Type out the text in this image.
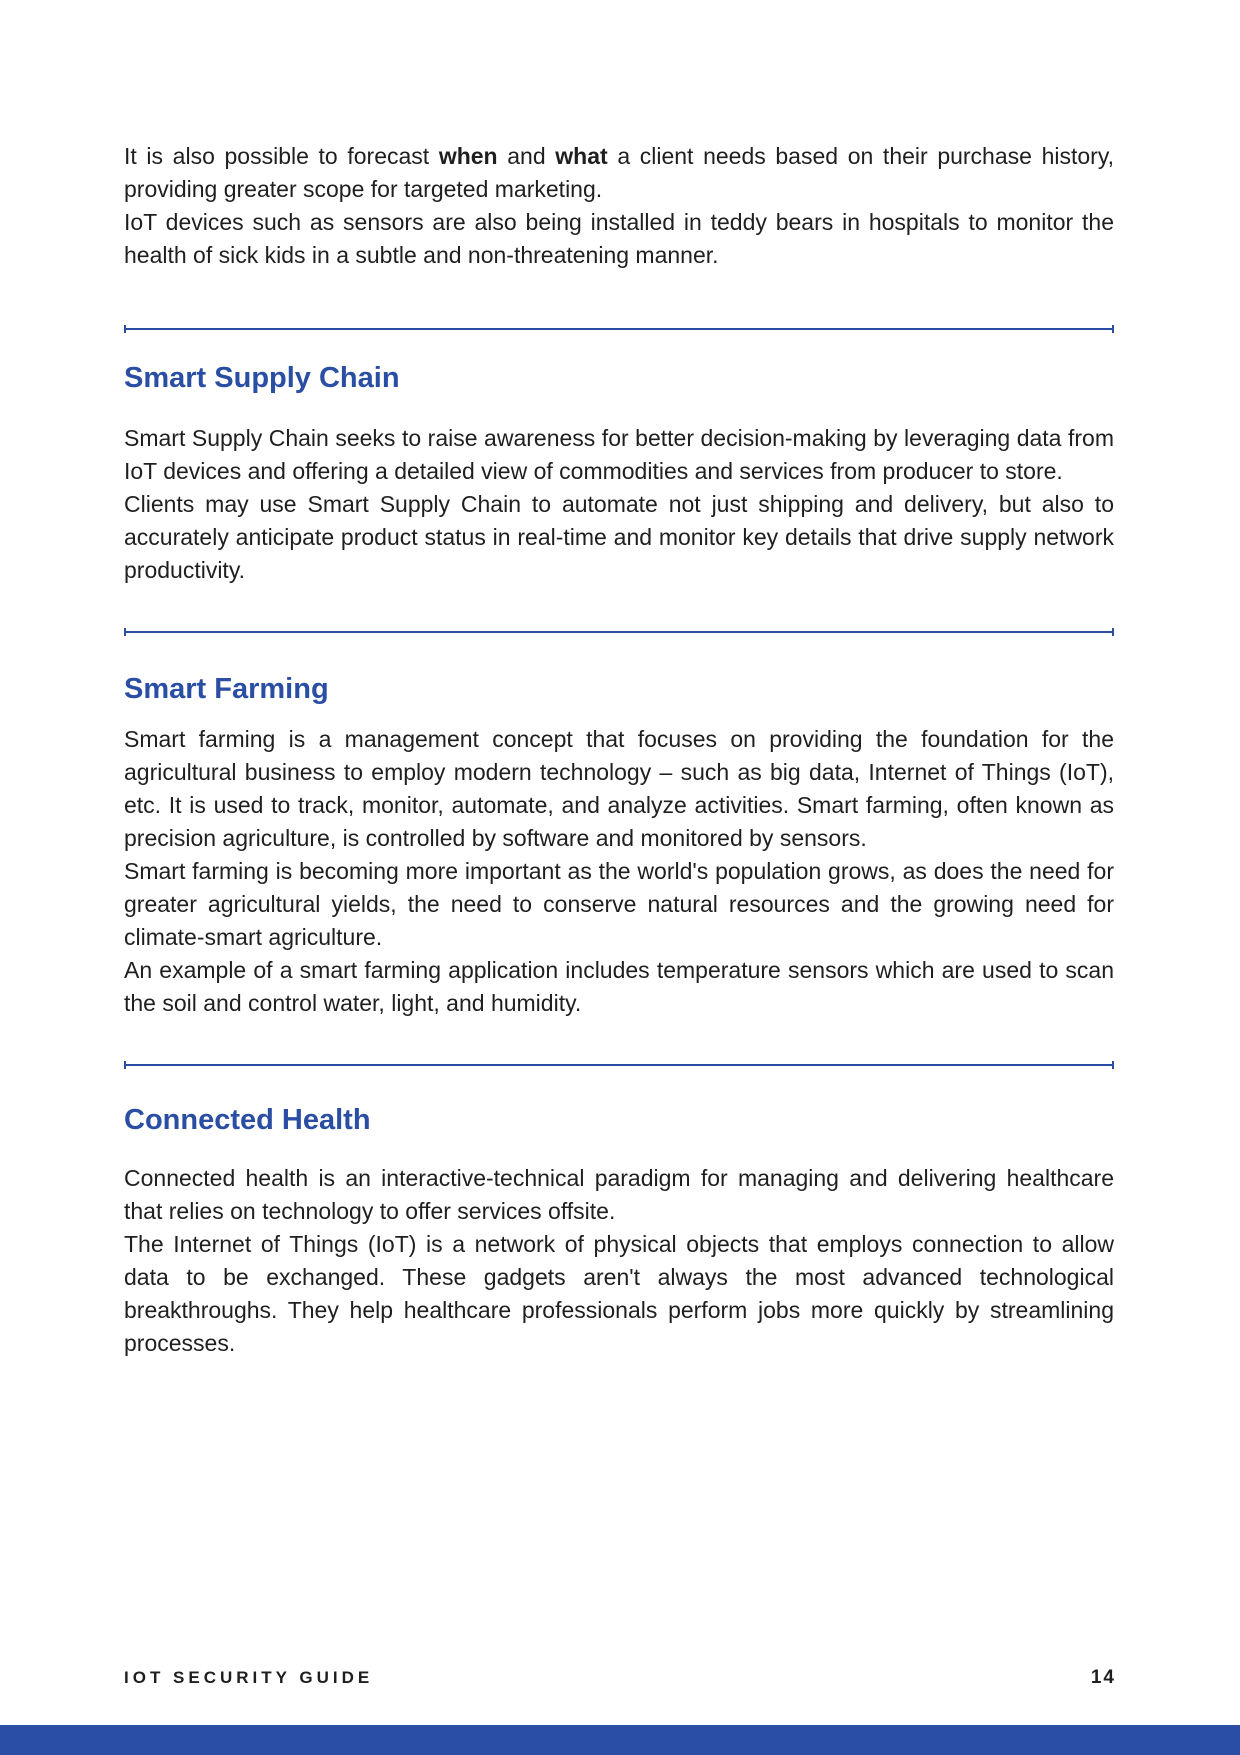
It is also possible to forecast when and what a client needs based on their purchase history, providing greater scope for targeted marketing.

IoT devices such as sensors are also being installed in teddy bears in hospitals to monitor the health of sick kids in a subtle and non-threatening manner.

Smart Supply Chain

Smart Supply Chain seeks to raise awareness for better decision-making by leveraging data from IoT devices and offering a detailed view of commodities and services from producer to store.

Clients may use Smart Supply Chain to automate not just shipping and delivery, but also to accurately anticipate product status in real-time and monitor key details that drive supply network productivity.

Smart Farming

Smart farming is a management concept that focuses on providing the foundation for the agricultural business to employ modern technology – such as big data, Internet of Things (IoT), etc. It is used to track, monitor, automate, and analyze activities. Smart farming, often known as precision agriculture, is controlled by software and monitored by sensors.

Smart farming is becoming more important as the world's population grows, as does the need for greater agricultural yields, the need to conserve natural resources and the growing need for climate-smart agriculture.

An example of a smart farming application includes temperature sensors which are used to scan the soil and control water, light, and humidity.

Connected Health

Connected health is an interactive-technical paradigm for managing and delivering healthcare that relies on technology to offer services offsite.

The Internet of Things (IoT) is a network of physical objects that employs connection to allow data to be exchanged. These gadgets aren't always the most advanced technological breakthroughs. They help healthcare professionals perform jobs more quickly by streamlining processes.

IOT SECURITY GUIDE	14
